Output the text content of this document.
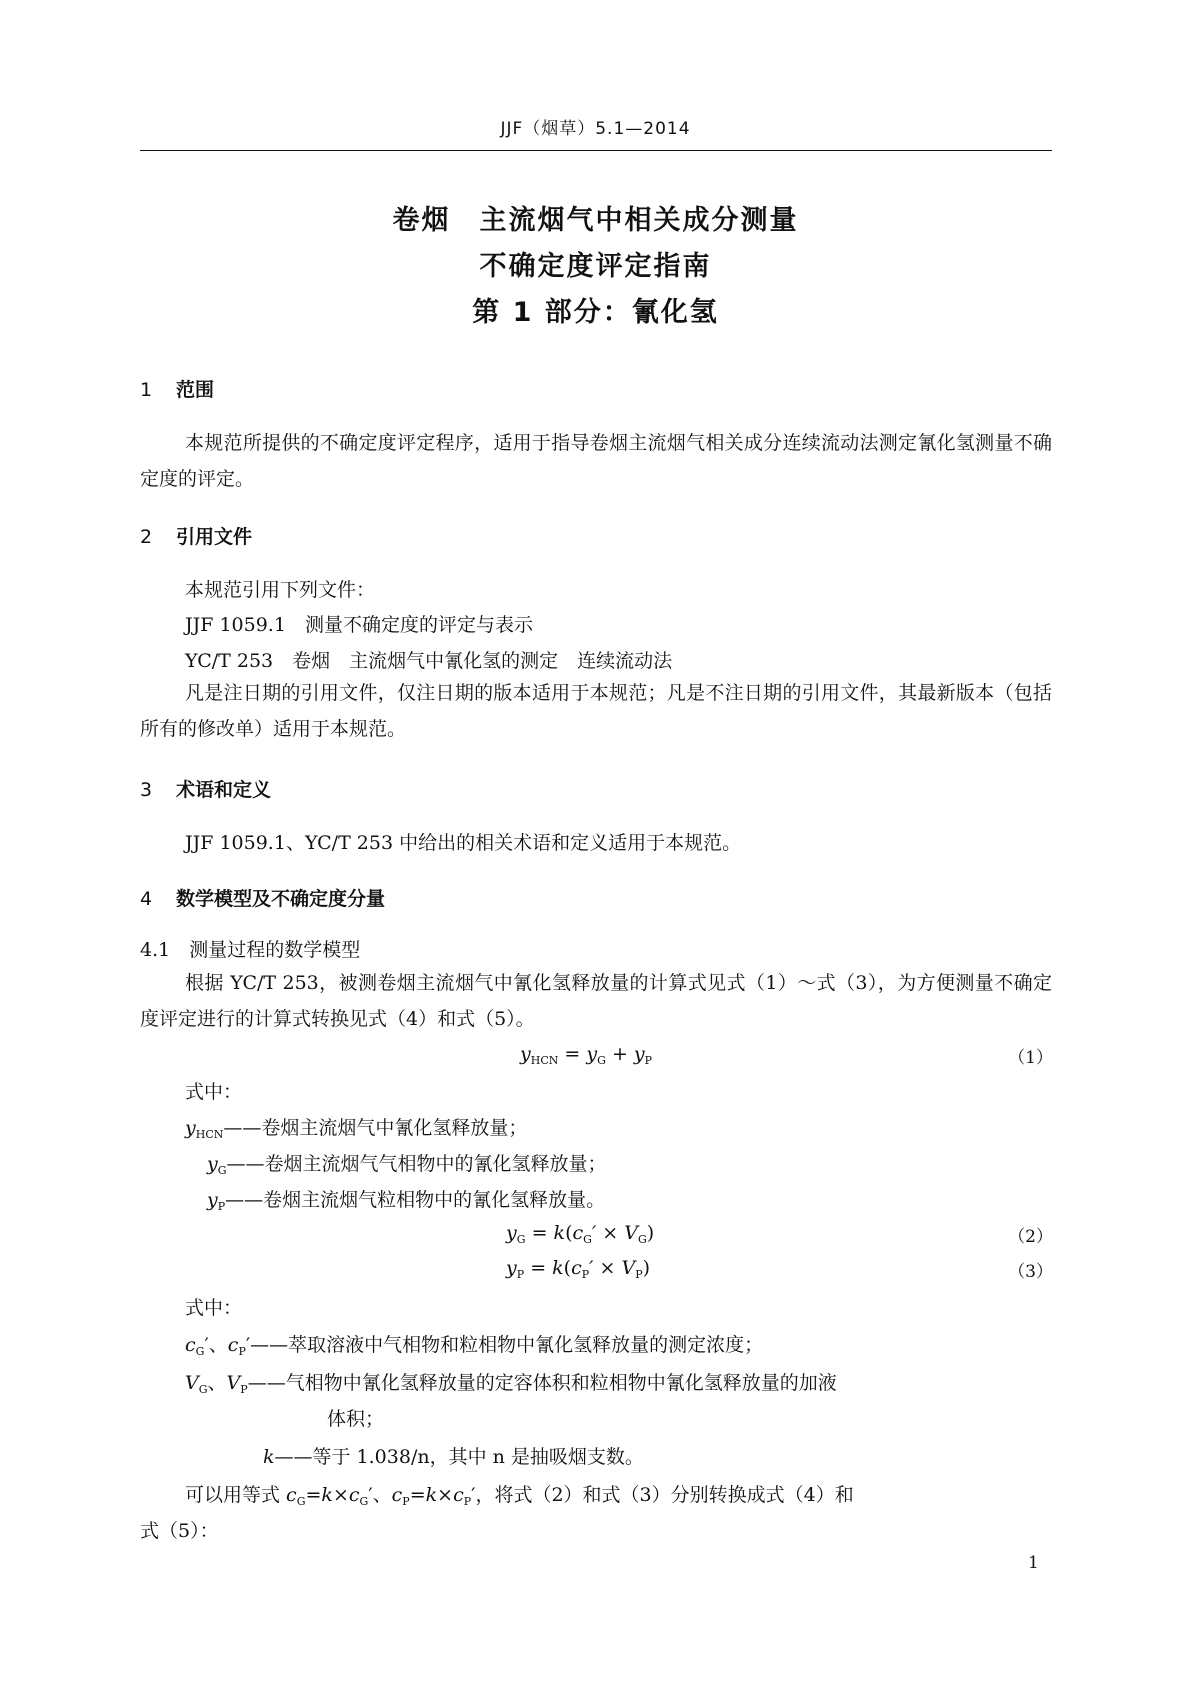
JJF（烟草）5.1—2014
卷烟　主流烟气中相关成分测量
不确定度评定指南
第 1 部分：氰化氢
1 范围
本规范所提供的不确定度评定程序，适用于指导卷烟主流烟气相关成分连续流动法测定氰化氢测量不确定度的评定。
2 引用文件
本规范引用下列文件：
JJF 1059.1　测量不确定度的评定与表示
YC/T 253　卷烟　主流烟气中氰化氢的测定　连续流动法
凡是注日期的引用文件，仅注日期的版本适用于本规范；凡是不注日期的引用文件，其最新版本（包括所有的修改单）适用于本规范。
3 术语和定义
JJF 1059.1、YC/T 253 中给出的相关术语和定义适用于本规范。
4 数学模型及不确定度分量
4.1　 测量过程的数学模型
根据 YC/T 253，被测卷烟主流烟气中氰化氢释放量的计算式见式（1）～式（3），为方便测量不确定度评定进行的计算式转换见式（4）和式（5）。
$y_{HCN} = y_G + y_P$	（1）
式中：
$y_{HCN}——$卷烟主流烟气中氰化氢释放量；
$y_G——$卷烟主流烟气气相物中的氰化氢释放量；
$y_P——$卷烟主流烟气粒相物中的氰化氢释放量。
$y_G = k(c_G' \times V_G)$	（2）
$y_P = k(c_P' \times V_P)$	（3）
式中：
$c_G'$、$c_P'——$萃取溶液中气相物和粒相物中氰化氢释放量的测定浓度；
$V_G$、$V_P——$气相物中氰化氢释放量的定容体积和粒相物中氰化氢释放量的加液
体积；
k——等于 1.038/n，其中 n 是抽吸烟支数。
可以用等式 $c_G=k\times c_G'$、$c_P=k\times c_P'$，将式（2）和式（3）分别转换成式（4）和
式（5）：
1
